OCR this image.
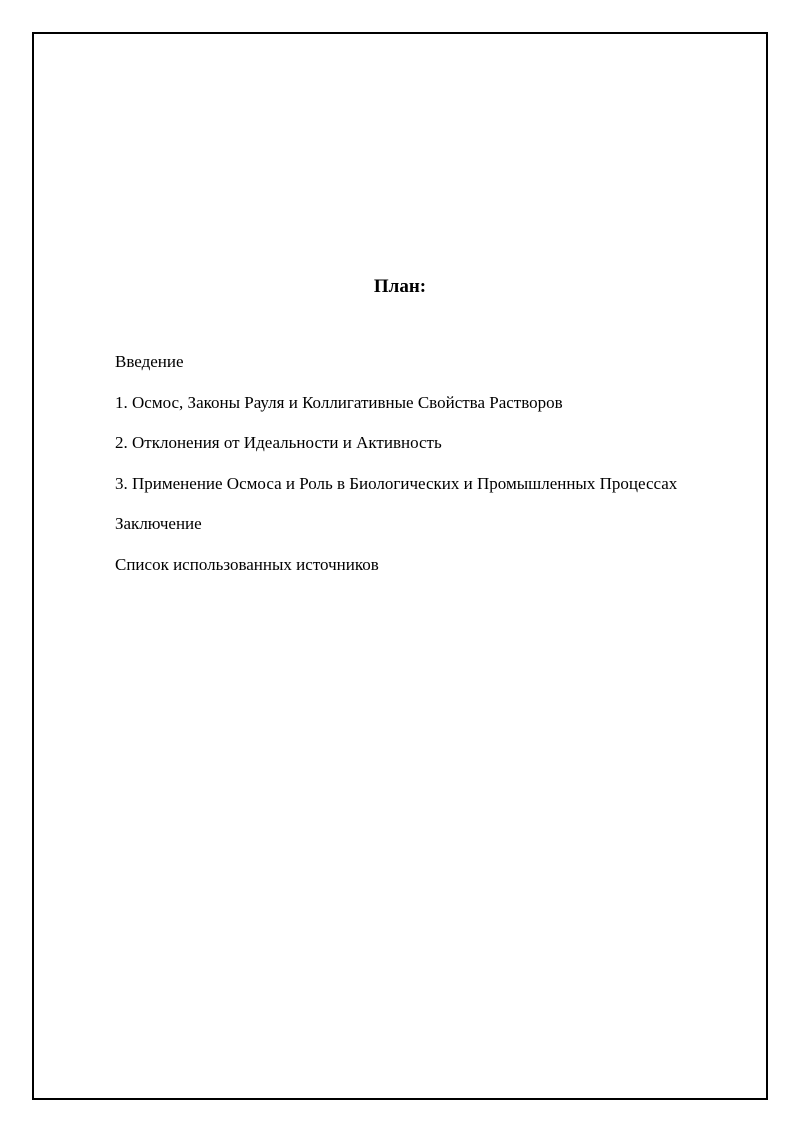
План:
Введение
1. Осмос, Законы Рауля и Коллигативные Свойства Растворов
2. Отклонения от Идеальности и Активность
3. Применение Осмоса и Роль в Биологических и Промышленных Процессах
Заключение
Список использованных источников
